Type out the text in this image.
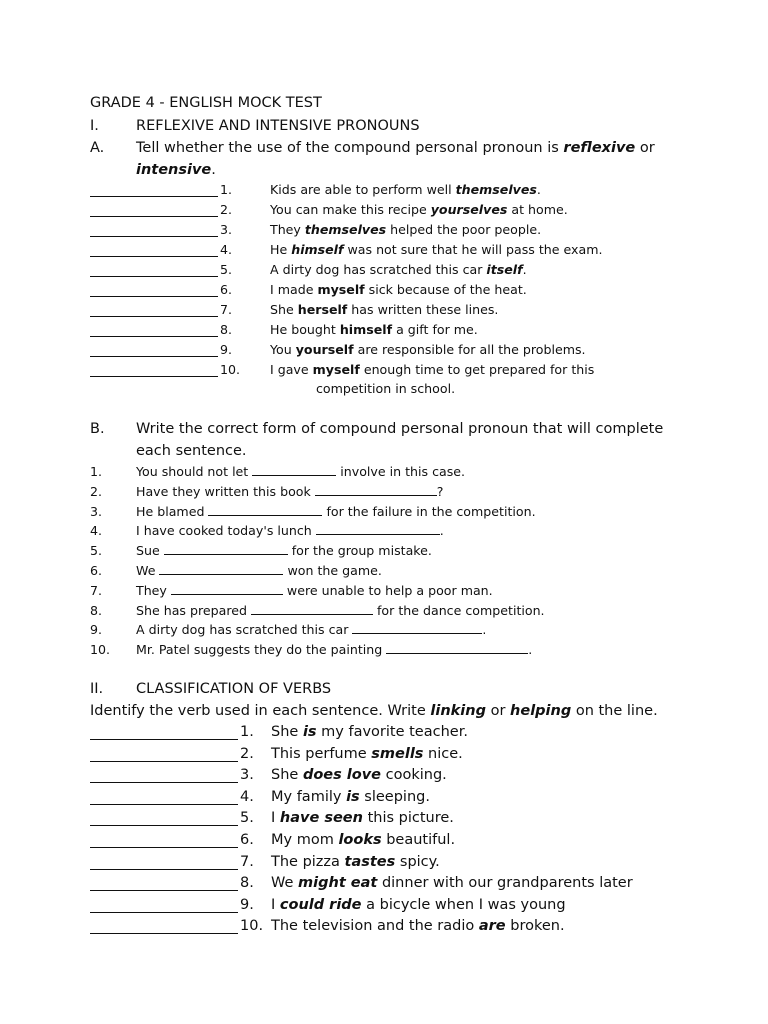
GRADE 4 - ENGLISH MOCK TEST
I.	REFLEXIVE AND INTENSIVE PRONOUNS
A. Tell whether the use of the compound personal pronoun is reflexive or
intensive.
1.	Kids are able to perform well themselves.
2.	You can make this recipe yourselves at home.
3.	They themselves helped the poor people.
4.	He himself was not sure that he will pass the exam.
5.	A dirty dog has scratched this car itself.
6.	I made myself sick because of the heat.
7.	She herself has written these lines.
8.	He bought himself a gift for me.
9.	You yourself are responsible for all the problems.
10. I gave myself enough time to get prepared for this
competition in school.
B. Write the correct form of compound personal pronoun that will complete
each sentence.
1.	You should not let	involve in this case.
2.	Have they written this book	?
3.	He blamed	for the failure in the competition.
4.	I have cooked today's lunch	.
5.	Sue	for the group mistake.
6.	We	won the game.
7.	They	were unable to help a poor man.
8.	She has prepared	for the dance competition.
9.	A dirty dog has scratched this car	.
10. Mr. Patel suggests they do the painting	.
II. CLASSIFICATION OF VERBS
Identify the verb used in each sentence. Write linking or helping on the line.
1. She is my favorite teacher.
2. This perfume smells nice.
3. She does love cooking.
4. My family is sleeping.
5. I have seen this picture.
6. My mom looks beautiful.
7. The pizza tastes spicy.
8. We might eat dinner with our grandparents later
9. I could ride a bicycle when I was young
10. The television and the radio are broken.
